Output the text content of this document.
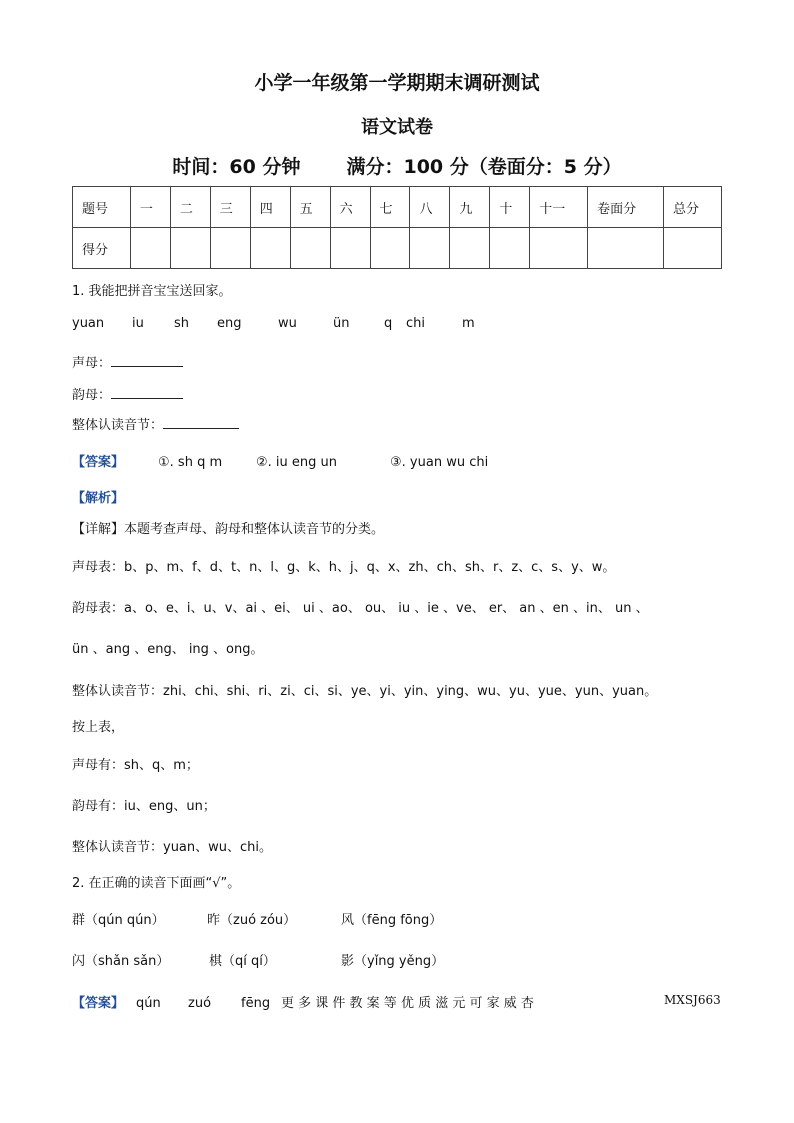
小学一年级第一学期期末调研测试
语文试卷
时间：60 分钟 满分：100 分（卷面分：5 分）
题号	一	二	三	四	五	六	七	八	九	十	十一	卷面分	总分
得分													
1. 我能把拼音宝宝送回家。
yuan iu sh eng	wu	ün	q chi	m
声母：
韵母：
整体认读音节：
【答案】	①. sh q m	②. iu eng un	③. yuan wu chi
【解析】
【详解】本题考查声母、韵母和整体认读音节的分类。
声母表：b、p、m、f、d、t、n、l、g、k、h、j、q、x、zh、ch、sh、r、z、c、s、y、w。
韵母表：a、o、e、i、u、v、ai 、ei、 ui 、ao、 ou、 iu 、ie 、ve、 er、 an 、en 、in、 un 、
ün 、ang 、eng、 ing 、ong。
整体认读音节：zhi、chi、shi、ri、zi、ci、si、ye、yi、yin、ying、wu、yu、yue、yun、yuan。
按上表，
声母有：sh、q、m；
韵母有：iu、eng、un；
整体认读音节：yuan、wu、chi。
2. 在正确的读音下面画“√”。
群（qún qún）	昨（zuó zóu）	风（fēng fōng）
闪（shǎn sǎn）	棋（qí qí）	影（yǐng yěng）
【答案】 qún zuó fēng 更 多 课 件 教 案 等 优 质 滋 元 可 家 威 杏	MXSJ663
